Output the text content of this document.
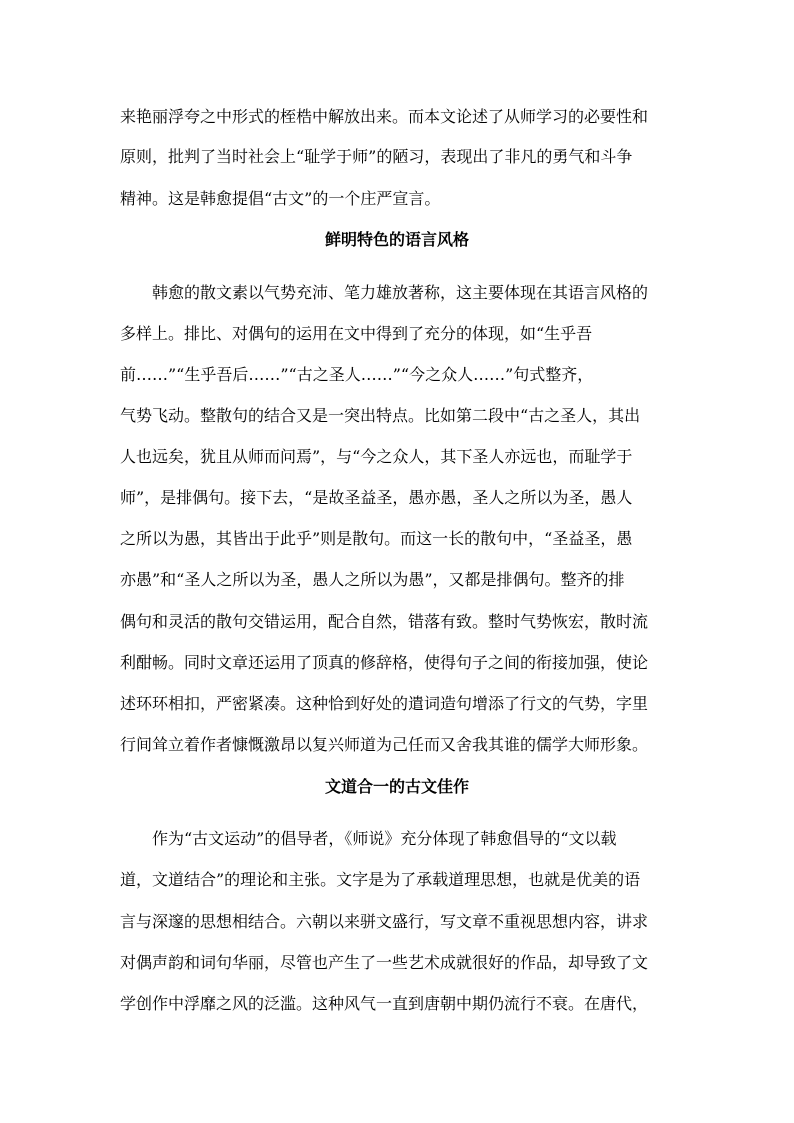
来艳丽浮夸之中形式的桎梏中解放出来。而本文论述了从师学习的必要性和
原则，批判了当时社会上“耻学于师”的陋习，表现出了非凡的勇气和斗争
精神。这是韩愈提倡“古文”的一个庄严宣言。
鲜明特色的语言风格
韩愈的散文素以气势充沛、笔力雄放著称，这主要体现在其语言风格的
多样上。排比、对偶句的运用在文中得到了充分的体现，如“生乎吾
前……”“生乎吾后……”“古之圣人……”“今之众人……”句式整齐，
气势飞动。整散句的结合又是一突出特点。比如第二段中“古之圣人，其出
人也远矣，犹且从师而问焉”，与“今之众人，其下圣人亦远也，而耻学于
师”，是排偶句。接下去，“是故圣益圣，愚亦愚，圣人之所以为圣，愚人
之所以为愚，其皆出于此乎”则是散句。而这一长的散句中，“圣益圣，愚
亦愚”和“圣人之所以为圣，愚人之所以为愚”，又都是排偶句。整齐的排
偶句和灵活的散句交错运用，配合自然，错落有致。整时气势恢宏，散时流
利酣畅。同时文章还运用了顶真的修辞格，使得句子之间的衔接加强，使论
述环环相扣，严密紧凑。这种恰到好处的遣词造句增添了行文的气势，字里
行间耸立着作者慷慨激昂以复兴师道为己任而又舍我其谁的儒学大师形象。
文道合一的古文佳作
作为“古文运动”的倡导者，《师说》充分体现了韩愈倡导的“文以载
道，文道结合”的理论和主张。文字是为了承载道理思想，也就是优美的语
言与深邃的思想相结合。六朝以来骈文盛行，写文章不重视思想内容，讲求
对偶声韵和词句华丽，尽管也产生了一些艺术成就很好的作品，却导致了文
学创作中浮靡之风的泛滥。这种风气一直到唐朝中期仍流行不衰。在唐代，
